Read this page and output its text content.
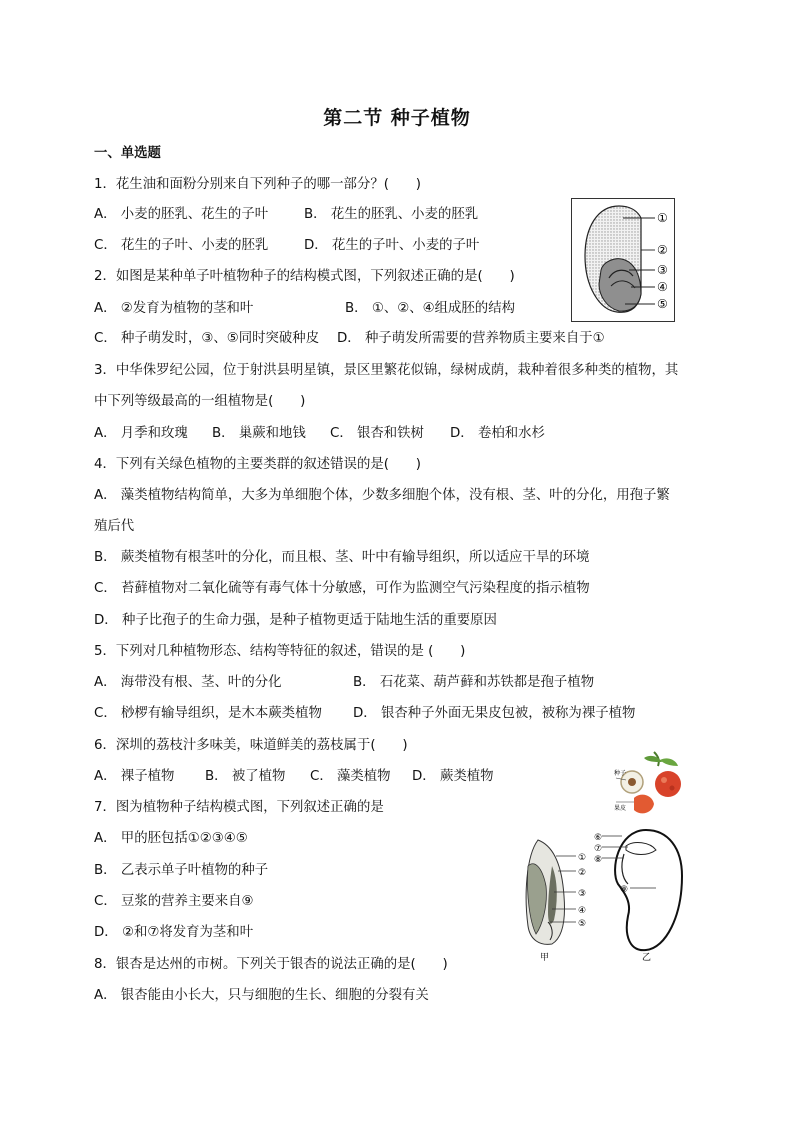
第二节 种子植物
一、单选题
1．花生油和面粉分别来自下列种子的哪一部分？(　　)
A． 小麦的胚乳、花生的子叶	B． 花生的胚乳、小麦的胚乳
C． 花生的子叶、小麦的胚乳	D． 花生的子叶、小麦的子叶
2．如图是某种单子叶植物种子的结构模式图，下列叙述正确的是(　　)
A． ②发育为植物的茎和叶	B． ①、②、④组成胚的结构
C． 种子萌发时，③、⑤同时突破种皮 D． 种子萌发所需要的营养物质主要来自于①
3．中华侏罗纪公园，位于射洪县明星镇，景区里繁花似锦，绿树成荫，栽种着很多种类的植物，其
中下列等级最高的一组植物是(　　)
A． 月季和玫瑰 B． 巢蕨和地钱 C． 银杏和铁树 D． 卷柏和水杉
4．下列有关绿色植物的主要类群的叙述错误的是(　　)
A． 藻类植物结构简单，大多为单细胞个体，少数多细胞个体，没有根、茎、叶的分化，用孢子繁
殖后代
B． 蕨类植物有根茎叶的分化，而且根、茎、叶中有输导组织，所以适应干旱的环境
C． 苔藓植物对二氧化硫等有毒气体十分敏感，可作为监测空气污染程度的指示植物
D． 种子比孢子的生命力强，是种子植物更适于陆地生活的重要原因
5．下列对几种植物形态、结构等特征的叙述，错误的是 (　　)
A． 海带没有根、茎、叶的分化	B． 石花菜、葫芦藓和苏铁都是孢子植物
C． 桫椤有输导组织，是木本蕨类植物 D． 银杏种子外面无果皮包被，被称为裸子植物
6．深圳的荔枝汁多味美，味道鲜美的荔枝属于(　　)
A． 裸子植物 B． 被了植物 C． 藻类植物 D． 蕨类植物
7．图为植物种子结构模式图，下列叙述正确的是
A． 甲的胚包括①②③④⑤
B． 乙表示单子叶植物的种子
C． 豆浆的营养主要来自⑨
D． ②和⑦将发育为茎和叶
8．银杏是达州的市树。下列关于银杏的说法正确的是(　　)
A． 银杏能由小长大，只与细胞的生长、细胞的分裂有关
①
②
③
④
⑤
种子
果皮
①
②
③
④
⑤
甲
⑥
⑦
⑧
⑨
乙
